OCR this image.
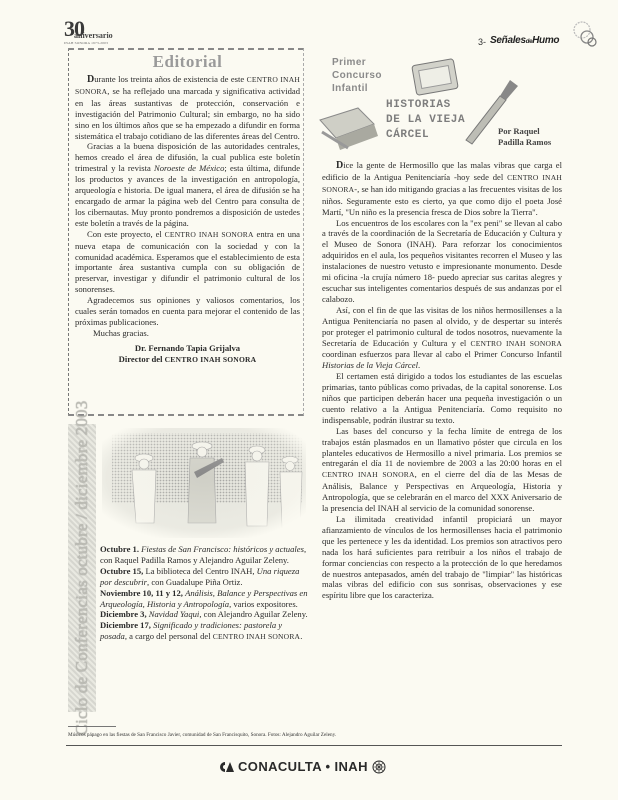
30
aniversario
INAH SONORA 1973-2003	3- SeñalesdeHumo
Editorial

Durante los treinta años de existencia de este CENTRO INAH SONORA, se ha reflejado una marcada y significativa actividad en las áreas sustantivas de protección, conservación e investigación del Patrimonio Cultural; sin embargo, no ha sido sino en los últimos años que se ha empezado a difundir en forma sistemática el trabajo cotidiano de las diferentes áreas del Centro.

Gracias a la buena disposición de las autoridades centrales, hemos creado el área de difusión, la cual publica este boletín trimestral y la revista Noroeste de México; esta última, difunde los productos y avances de la investigación en antropología, arqueología e historia. De igual manera, el área de difusión se ha encargado de armar la página web del Centro para consulta de los cibernautas. Muy pronto pondremos a disposición de ustedes este boletín a través de la página.

Con este proyecto, el CENTRO INAH SONORA entra en una nueva etapa de comunicación con la sociedad y con la comunidad académica. Esperamos que el establecimiento de esta importante área sustantiva cumpla con su obligación de preservar, investigar y difundir el patrimonio cultural de los sonorenses.

Agradecemos sus opiniones y valiosos comentarios, los cuales serán tomados en cuenta para mejorar el contenido de las próximas publicaciones.

Muchas gracias.

Dr. Fernando Tapia Grijalva
Director del CENTRO INAH SONORA
Ciclo de Conferencias octubre / diciembre 2003 Octubre 1. Fiestas de San Francisco: históricos y actuales, con Raquel Padilla Ramos y Alejandro Aguilar Zeleny.
Octubre 15, La biblioteca del Centro INAH, Una riqueza por descubrir, con Guadalupe Piña Ortiz.
Noviembre 10, 11 y 12, Análisis, Balance y Perspectivas en Arqueología, Historia y Antropología, varios expositores.
Diciembre 3, Navidad Yaqui, con Alejandro Aguilar Zeleny.
Diciembre 17, Significado y tradiciones: pastorela y posada, a cargo del personal del CENTRO INAH SONORA.
Músicos pápago en las fiestas de San Francisco Javier, comunidad de San Francisquito, Sonora. Fotos: Alejandro Aguilar Zeleny.
CONACULTA • INAH
Primer
Concurso
Infantil
HISTORIAS
DE LA VIEJA
CÁRCEL	Por Raquel
Padilla Ramos

Dice la gente de Hermosillo que las malas vibras que carga el edificio de la Antigua Penitenciaría -hoy sede del CENTRO INAH SONORA-, se han ido mitigando gracias a las frecuentes visitas de los niños. Seguramente esto es cierto, ya que como dijo el poeta José Martí, "Un niño es la presencia fresca de Dios sobre la Tierra".

Los encuentros de los escolares con la "ex peni" se llevan al cabo a través de la coordinación de la Secretaría de Educación y Cultura y el Museo de Sonora (INAH). Para reforzar los conocimientos adquiridos en el aula, los pequeños visitantes recorren el Museo y las instalaciones de nuestro vetusto e impresionante monumento. Desde mi oficina -la crujía número 18- puedo apreciar sus caritas alegres y escuchar sus inteligentes comentarios después de sus andanzas por el calabozo.

Así, con el fin de que las visitas de los niños hermosillenses a la Antigua Penitenciaría no pasen al olvido, y de despertar su interés por proteger el patrimonio cultural de todos nosotros, nuevamente la Secretaría de Educación y Cultura y el CENTRO INAH SONORA coordinan esfuerzos para llevar al cabo el Primer Concurso Infantil Historias de la Vieja Cárcel.

El certamen está dirigido a todos los estudiantes de las escuelas primarias, tanto públicas como privadas, de la capital sonorense. Los niños que participen deberán hacer una pequeña investigación o un cuento relativo a la Antigua Penitenciaría. Como requisito no indispensable, podrán ilustrar su texto.

Las bases del concurso y la fecha límite de entrega de los trabajos están plasmados en un llamativo póster que circula en los planteles educativos de Hermosillo a nivel primaria. Los premios se entregarán el día 11 de noviembre de 2003 a las 20:00 horas en el CENTRO INAH SONORA, en el cierre del día de las Mesas de Análisis, Balance y Perspectivas en Arqueología, Historia y Antropología, que se celebrarán en el marco del XXX Aniversario de la presencia del INAH al servicio de la comunidad sonorense.

La ilimitada creatividad infantil propiciará un mayor afianzamiento de vínculos de los hermosillenses hacia el patrimonio que les pertenece y les da identidad. Los premios son atractivos pero nada los hará suficientes para retribuir a los niños el trabajo de formar conciencias con respecto a la protección de lo que heredamos de nuestros antepasados, amén del trabajo de "limpiar" las históricas malas vibras del edificio con sus sonrisas, observaciones y ese espíritu libre que los caracteriza.
